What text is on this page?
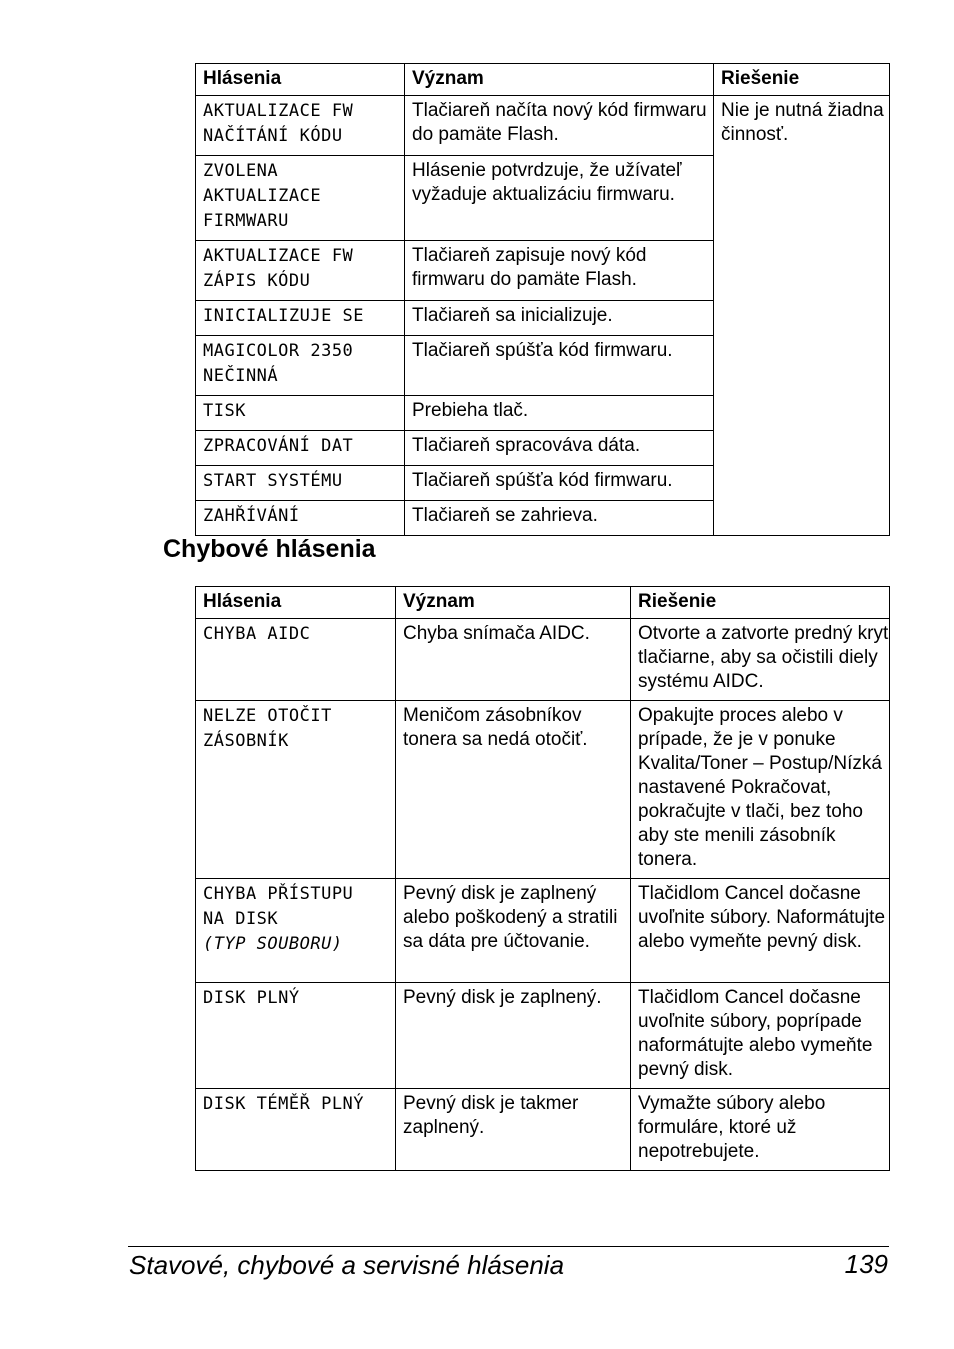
Hlásenia	Význam	Riešenie

AKTUALIZACE FW
NAČÍTÁNÍ KÓDU	Tlačiareň načíta nový kód firmwaru do pamäte Flash.	Nie je nutná žiadna činnosť.

ZVOLENA AKTUALIZACE
FIRMWARU	Hlásenie potvrdzuje, že užívateľ vyžaduje aktualizáciu firmwaru.	

AKTUALIZACE FW
ZÁPIS KÓDU	Tlačiareň zapisuje nový kód firmwaru do pamäte Flash.	

INICIALIZUJE SE	Tlačiareň sa inicializuje.	

MAGICOLOR 2350
NEČINNÁ	Tlačiareň spúšťa kód firmwaru.	

TISK	Prebieha tlač.	

ZPRACOVÁNÍ DAT	Tlačiareň spracováva dáta.	

START SYSTÉMU	Tlačiareň spúšťa kód firmwaru.	

ZAHŘÍVÁNÍ	Tlačiareň se zahrieva.	
Chybové hlásenia
Hlásenia	Význam	Riešenie

CHYBA AIDC	Chyba snímača AIDC.	Otvorte a zatvorte predný kryt tlačiarne, aby sa očistili diely systému AIDC.

NELZE OTOČIT
ZÁSOBNÍK	Meničom zásobníkov tonera sa nedá otočiť.	Opakujte proces alebo v prípade, že je v ponuke Kvalita/Toner – Postup/Nízká nastavené Pokračovat, pokračujte v tlači, bez toho aby ste menili zásobník tonera.

CHYBA PŘÍSTUPU
NA DISK
(TYP SOUBORU)	Pevný disk je zaplnený alebo poškodený a stratili sa dáta pre účtovanie.	Tlačidlom Cancel dočasne uvoľnite súbory. Naformátujte alebo vymeňte pevný disk.

DISK PLNÝ	Pevný disk je zaplnený.	Tlačidlom Cancel dočasne uvoľnite súbory, poprípade naformátujte alebo vymeňte pevný disk.

DISK TÉMĚŘ PLNÝ	Pevný disk je takmer zaplnený.	Vymažte súbory alebo formuláre, ktoré už nepotrebujete.
Stavové, chybové a servisné hlásenia	139
